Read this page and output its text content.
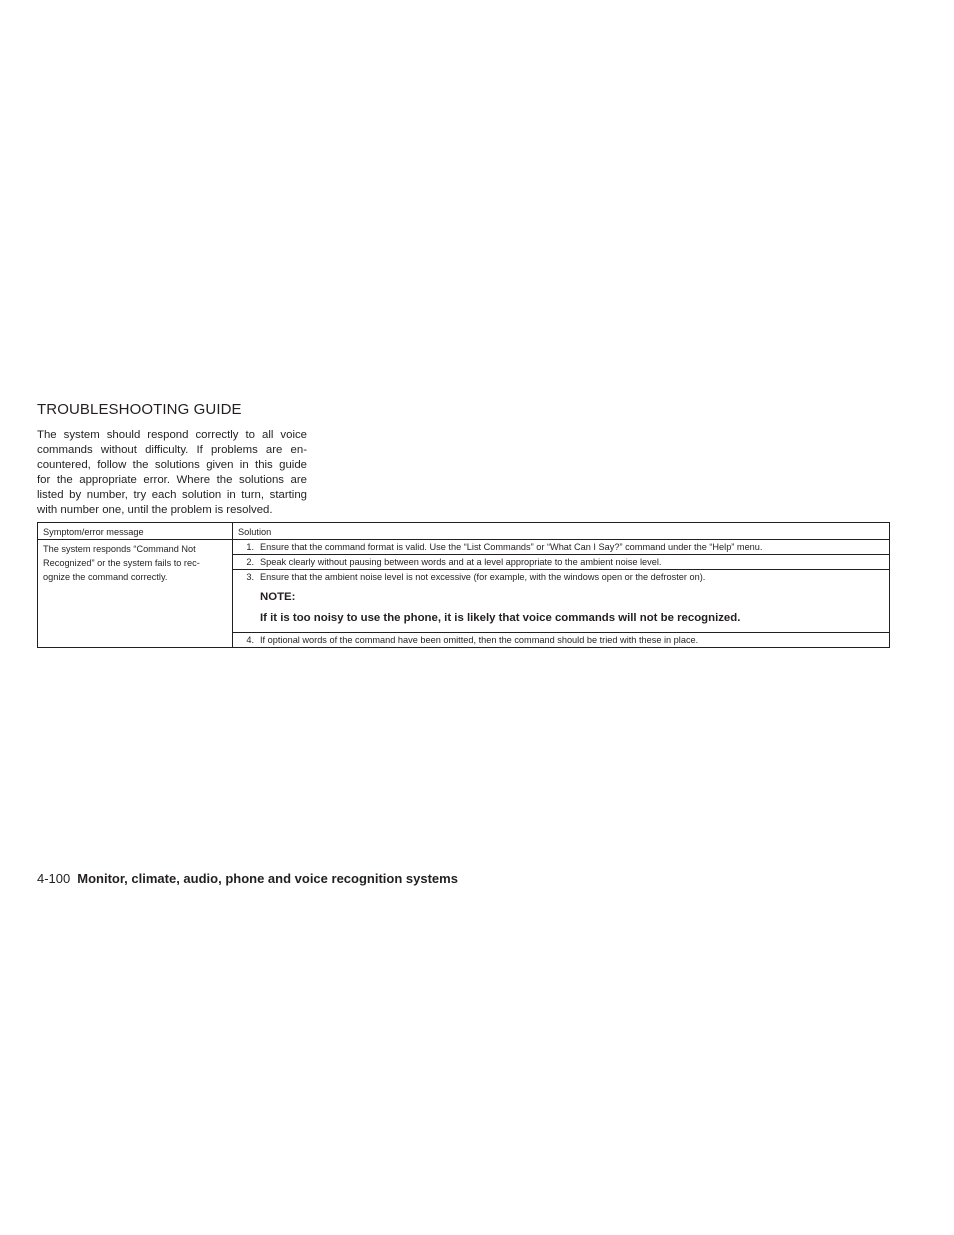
TROUBLESHOOTING GUIDE

The system should respond correctly to all voice
commands without difficulty. If problems are en-
countered, follow the solutions given in this guide
for the appropriate error. Where the solutions are
listed by number, try each solution in turn, starting
with number one, until the problem is resolved.

Symptom/error message	Solution

The system responds “Command Not
Recognized” or the system fails to rec-
ognize the command correctly.	1. Ensure that the command format is valid. Use the “List Commands” or “What Can I Say?” command under the “Help” menu.
	2. Speak clearly without pausing between words and at a level appropriate to the ambient noise level.
	3. Ensure that the ambient noise level is not excessive (for example, with the windows open or the defroster on).
NOTE:
If it is too noisy to use the phone, it is likely that voice commands will not be recognized.

	4. If optional words of the command have been omitted, then the command should be tried with these in place.
4-100 Monitor, climate, audio, phone and voice recognition systems
